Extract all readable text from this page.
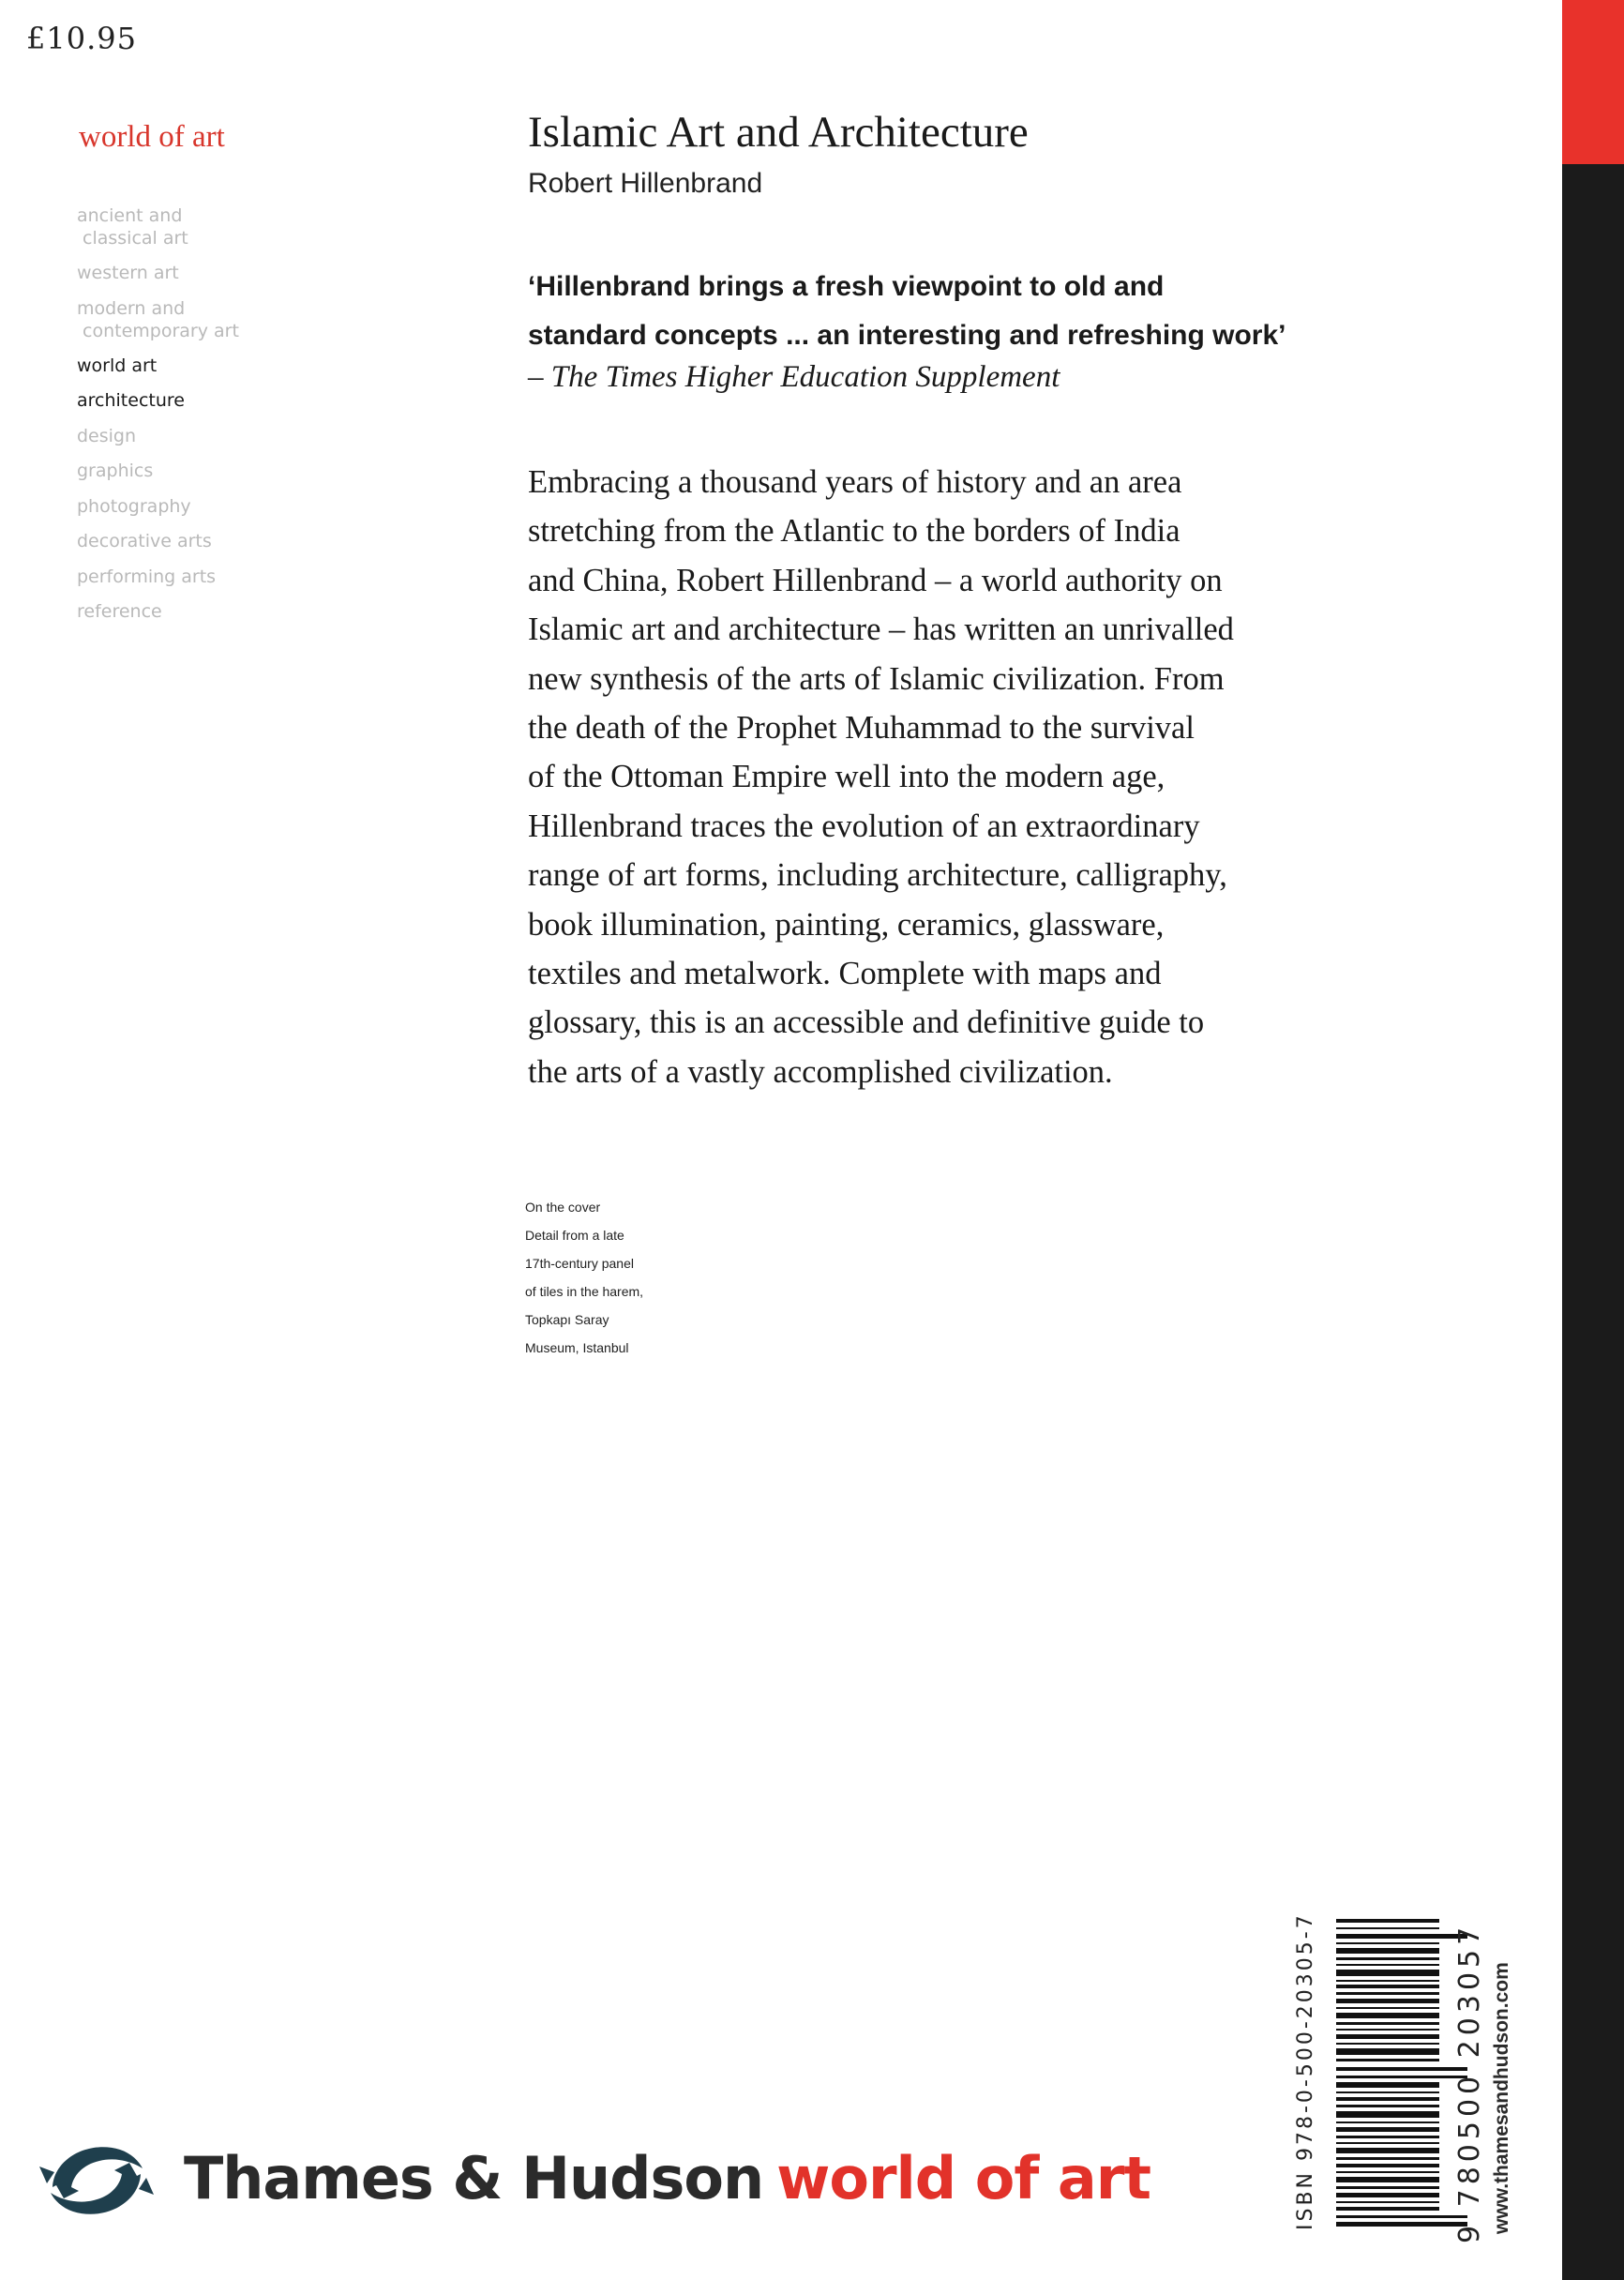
£10.95
world of art
ancient and
classical art
western art
modern and
contemporary art
world art
architecture
design
graphics
photography
decorative arts
performing arts
reference
Islamic Art and Architecture
Robert Hillenbrand
‘Hillenbrand brings a fresh viewpoint to old and
standard concepts ... an interesting and refreshing work’
– The Times Higher Education Supplement
Embracing a thousand years of history and an area
stretching from the Atlantic to the borders of India
and China, Robert Hillenbrand – a world authority on
Islamic art and architecture – has written an unrivalled
new synthesis of the arts of Islamic civilization. From
the death of the Prophet Muhammad to the survival
of the Ottoman Empire well into the modern age,
Hillenbrand traces the evolution of an extraordinary
range of art forms, including architecture, calligraphy,
book illumination, painting, ceramics, glassware,
textiles and metalwork. Complete with maps and
glossary, this is an accessible and definitive guide to
the arts of a vastly accomplished civilization.
On the cover
Detail from a late
17th-century panel
of tiles in the harem,
Topkapı Saray
Museum, Istanbul
Thames & Hudson world of art	ISBN 978-0-500-20305-7	9 780500 203057 www.thamesandhudson.com
